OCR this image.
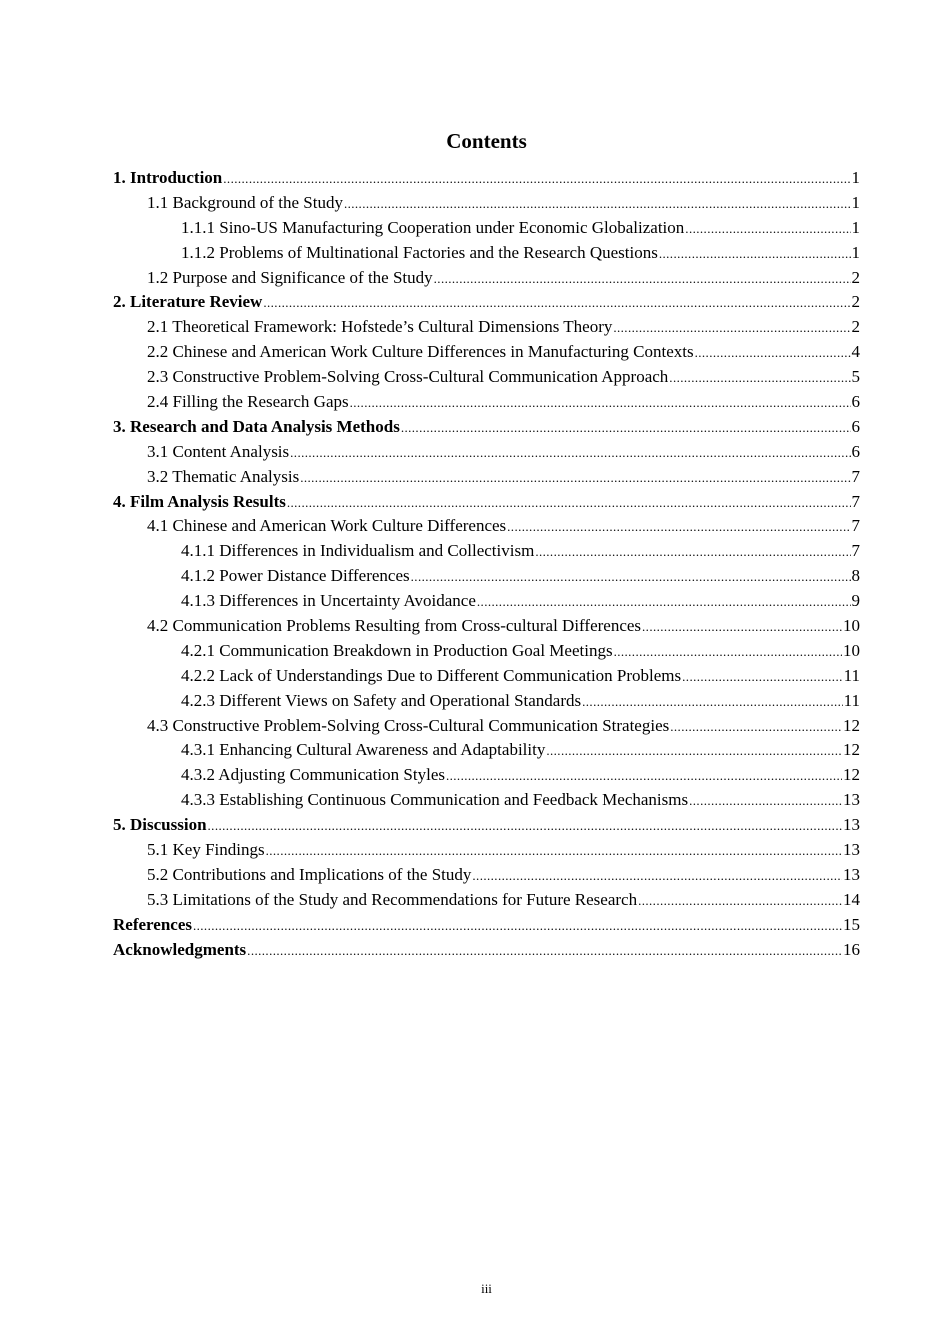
Contents
1. Introduction .....	1
1.1 Background of the Study .....	1
1.1.1 Sino-US Manufacturing Cooperation under Economic Globalization .....	1
1.1.2 Problems of Multinational Factories and the Research Questions .....	1
1.2 Purpose and Significance of the Study .....	2
2. Literature Review .....	2
2.1 Theoretical Framework: Hofstede’s Cultural Dimensions Theory .....	2
2.2 Chinese and American Work Culture Differences in Manufacturing Contexts .....	4
2.3 Constructive Problem-Solving Cross-Cultural Communication Approach .....	5
2.4 Filling the Research Gaps .....	6
3. Research and Data Analysis Methods .....	6
3.1 Content Analysis .....	6
3.2 Thematic Analysis .....	7
4. Film Analysis Results .....	7
4.1 Chinese and American Work Culture Differences .....	7
4.1.1 Differences in Individualism and Collectivism .....	7
4.1.2 Power Distance Differences .....	8
4.1.3 Differences in Uncertainty Avoidance .....	9
4.2 Communication Problems Resulting from Cross-cultural Differences .....	10
4.2.1 Communication Breakdown in Production Goal Meetings .....	10
4.2.2 Lack of Understandings Due to Different Communication Problems .....	11
4.2.3 Different Views on Safety and Operational Standards .....	11
4.3 Constructive Problem-Solving Cross-Cultural Communication Strategies .....	12
4.3.1 Enhancing Cultural Awareness and Adaptability .....	12
4.3.2 Adjusting Communication Styles .....	12
4.3.3 Establishing Continuous Communication and Feedback Mechanisms .....	13
5. Discussion .....	13
5.1 Key Findings .....	13
5.2 Contributions and Implications of the Study .....	13
5.3 Limitations of the Study and Recommendations for Future Research .....	14
References .....	15
Acknowledgments .....	16
iii
